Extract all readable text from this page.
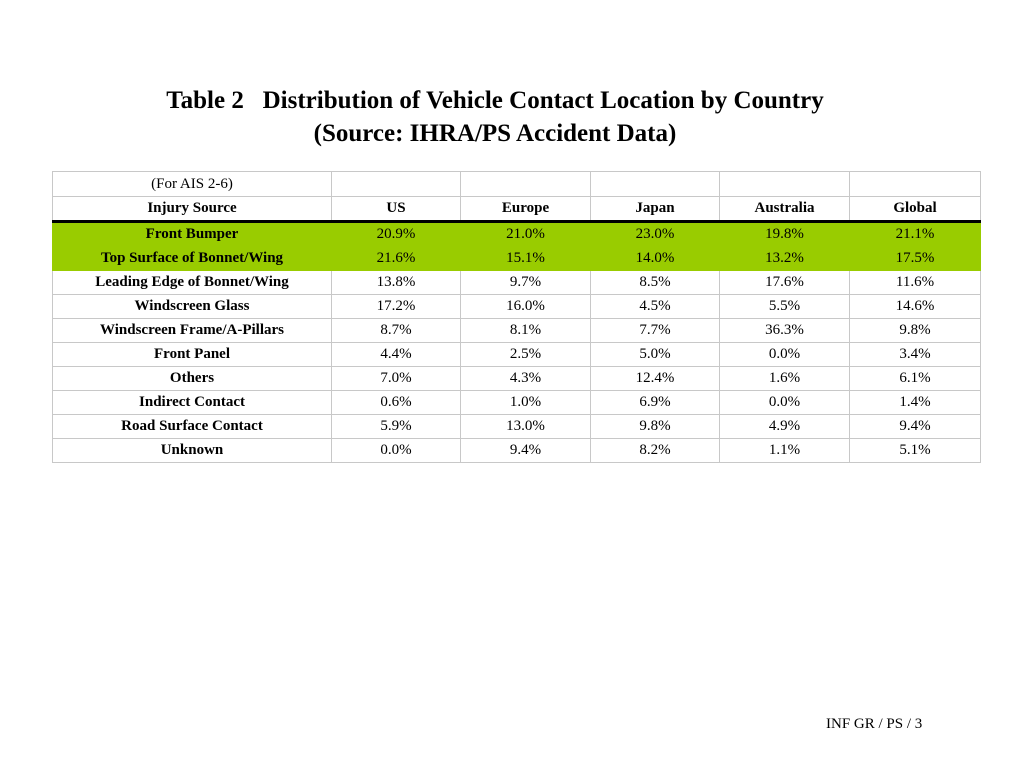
Table 2   Distribution of Vehicle Contact Location by Country
(Source: IHRA/PS Accident Data)
(For AIS 2-6)					
Injury Source	US	Europe	Japan	Australia	Global
Front Bumper	20.9%	21.0%	23.0%	19.8%	21.1%
Top Surface of Bonnet/Wing	21.6%	15.1%	14.0%	13.2%	17.5%
Leading Edge of Bonnet/Wing	13.8%	9.7%	8.5%	17.6%	11.6%
Windscreen Glass	17.2%	16.0%	4.5%	5.5%	14.6%
Windscreen Frame/A-Pillars	8.7%	8.1%	7.7%	36.3%	9.8%
Front Panel	4.4%	2.5%	5.0%	0.0%	3.4%
Others	7.0%	4.3%	12.4%	1.6%	6.1%
Indirect Contact	0.6%	1.0%	6.9%	0.0%	1.4%
Road Surface Contact	5.9%	13.0%	9.8%	4.9%	9.4%
Unknown	0.0%	9.4%	8.2%	1.1%	5.1%
INF GR / PS / 3
